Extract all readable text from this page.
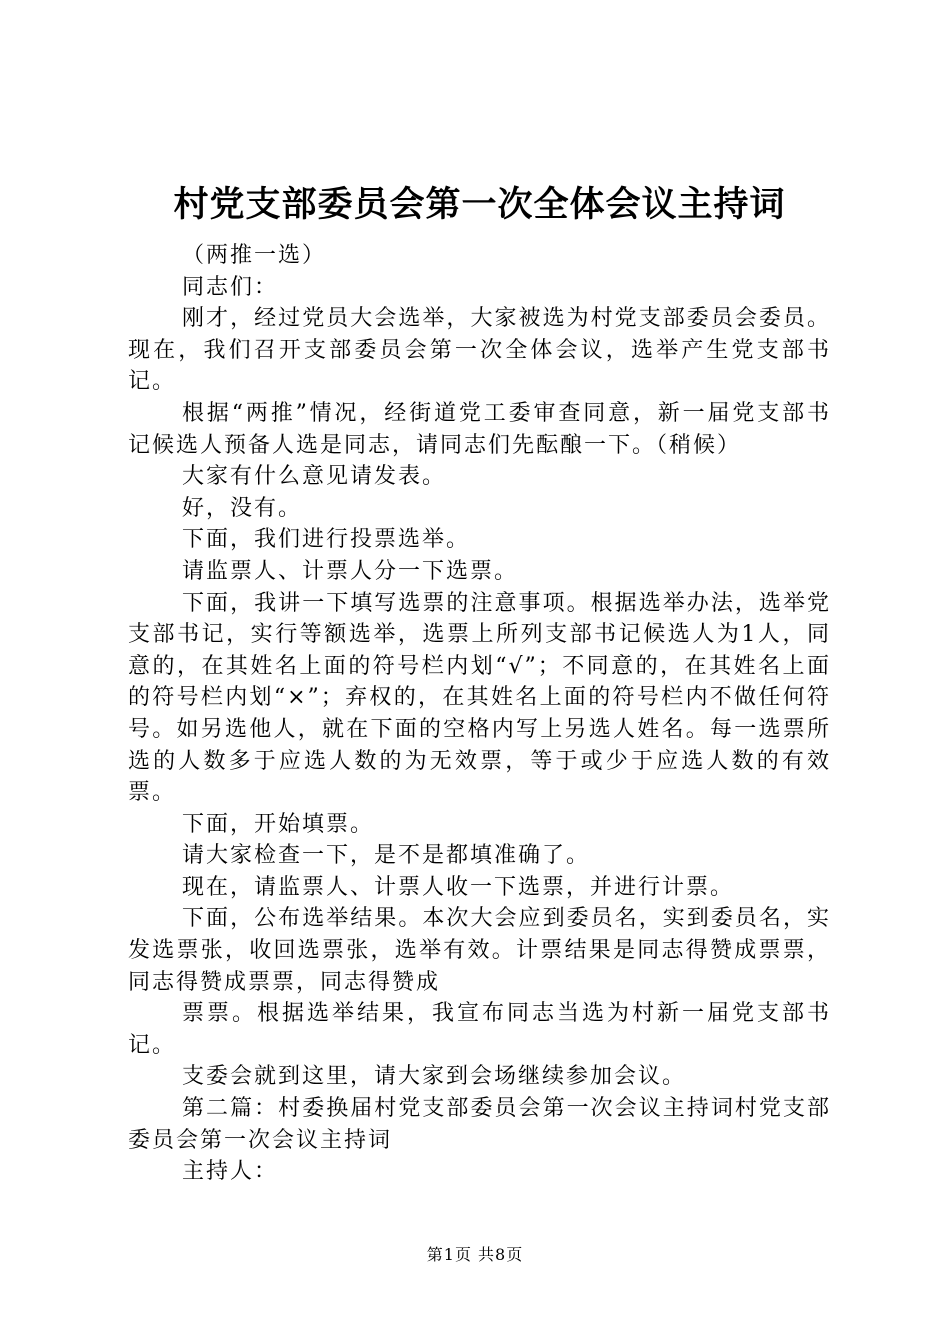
村党支部委员会第一次全体会议主持词

（两推一选）

同志们：

刚才，经过党员大会选举，大家被选为村党支部委员会委员。现在，我们召开支部委员会第一次全体会议，选举产生党支部书记。

根据“两推”情况，经街道党工委审查同意，新一届党支部书记候选人预备人选是同志，请同志们先酝酿一下。（稍候）

大家有什么意见请发表。

好，没有。

下面，我们进行投票选举。

请监票人、计票人分一下选票。

下面，我讲一下填写选票的注意事项。根据选举办法，选举党支部书记，实行等额选举，选票上所列支部书记候选人为1人，同意的，在其姓名上面的符号栏内划“√”；不同意的，在其姓名上面的符号栏内划“×”；弃权的，在其姓名上面的符号栏内不做任何符号。如另选他人，就在下面的空格内写上另选人姓名。每一选票所选的人数多于应选人数的为无效票，等于或少于应选人数的有效票。

下面，开始填票。

请大家检查一下，是不是都填准确了。

现在，请监票人、计票人收一下选票，并进行计票。

下面，公布选举结果。本次大会应到委员名，实到委员名，实发选票张，收回选票张，选举有效。计票结果是同志得赞成票票，同志得赞成票票，同志得赞成

票票。根据选举结果，我宣布同志当选为村新一届党支部书记。

支委会就到这里，请大家到会场继续参加会议。

第二篇：村委换届村党支部委员会第一次会议主持词村党支部委员会第一次会议主持词

主持人：

第1页 共8页
